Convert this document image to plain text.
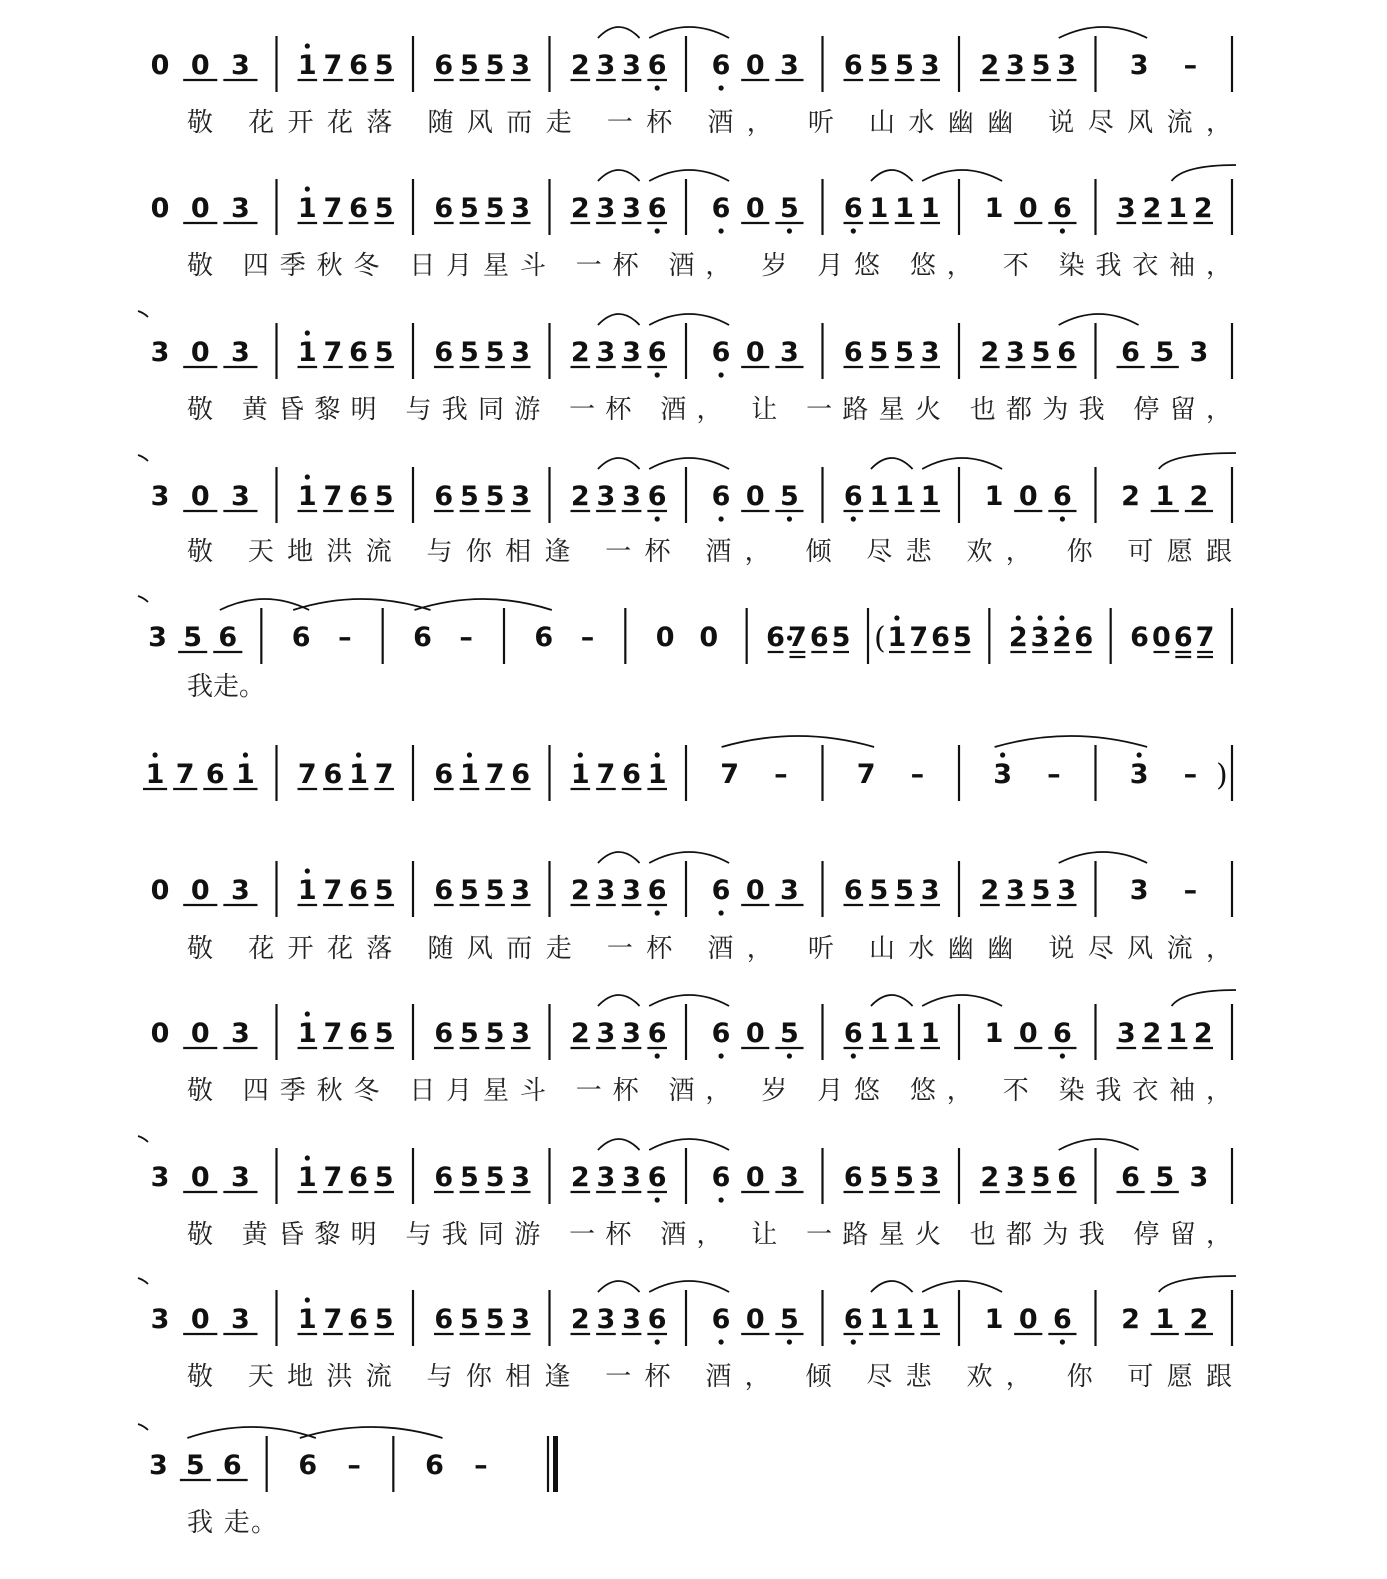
0 0 3 1 7 6 5 6 5 5 3 2 3 3 6 6 0 3 6 5 5 3 2 3 5 3 3 –
敬 花开花落 随风而走 一杯 酒， 听 山水幽幽 说尽风流，
0 0 3 1 7 6 5 6 5 5 3 2 3 3 6 6 0 5 6 1 1 1 1 0 6 3 2 1 2
敬 四季秋冬 日月星斗 一杯 酒， 岁 月悠 悠， 不 染我衣袖，
3 0 3 1 7 6 5 6 5 5 3 2 3 3 6 6 0 3 6 5 5 3 2 3 5 6 6 5 3
敬 黄昏黎明 与我同游 一杯 酒， 让 一路星火 也都为我 停留，
3 0 3 1 7 6 5 6 5 5 3 2 3 3 6 6 0 5 6 1 1 1 1 0 6 2 1 2
敬 天地洪流 与你相逢 一杯 酒， 倾 尽悲 欢， 你 可愿跟
3 5 6 6 – 6 – 6 – 0 0 6 7 6 5 1 7 6 5 2 3 2 6 6 0 6 7
(
我走。
1 7 6 1 7 6 1 7 6 1 7 6 1 7 6 1 7 –	7 –	3 –	3 – )
0 0 3 1 7 6 5 6 5 5 3 2 3 3 6 6 0 3 6 5 5 3 2 3 5 3 3 –
敬 花开花落 随风而走 一杯 酒， 听 山水幽幽 说尽风流，
0 0 3 1 7 6 5 6 5 5 3 2 3 3 6 6 0 5 6 1 1 1 1 0 6 3 2 1 2
敬 四季秋冬 日月星斗 一杯 酒， 岁 月悠 悠， 不 染我衣袖，
3 0 3 1 7 6 5 6 5 5 3 2 3 3 6 6 0 3 6 5 5 3 2 3 5 6 6 5 3
敬 黄昏黎明 与我同游 一杯 酒， 让 一路星火 也都为我 停留，
3 0 3 1 7 6 5 6 5 5 3 2 3 3 6 6 0 5 6 1 1 1 1 0 6 2 1 2
敬 天地洪流 与你相逢 一杯 酒， 倾 尽悲 欢， 你 可愿跟
3 5 6 6 – 6 –
我 走。
